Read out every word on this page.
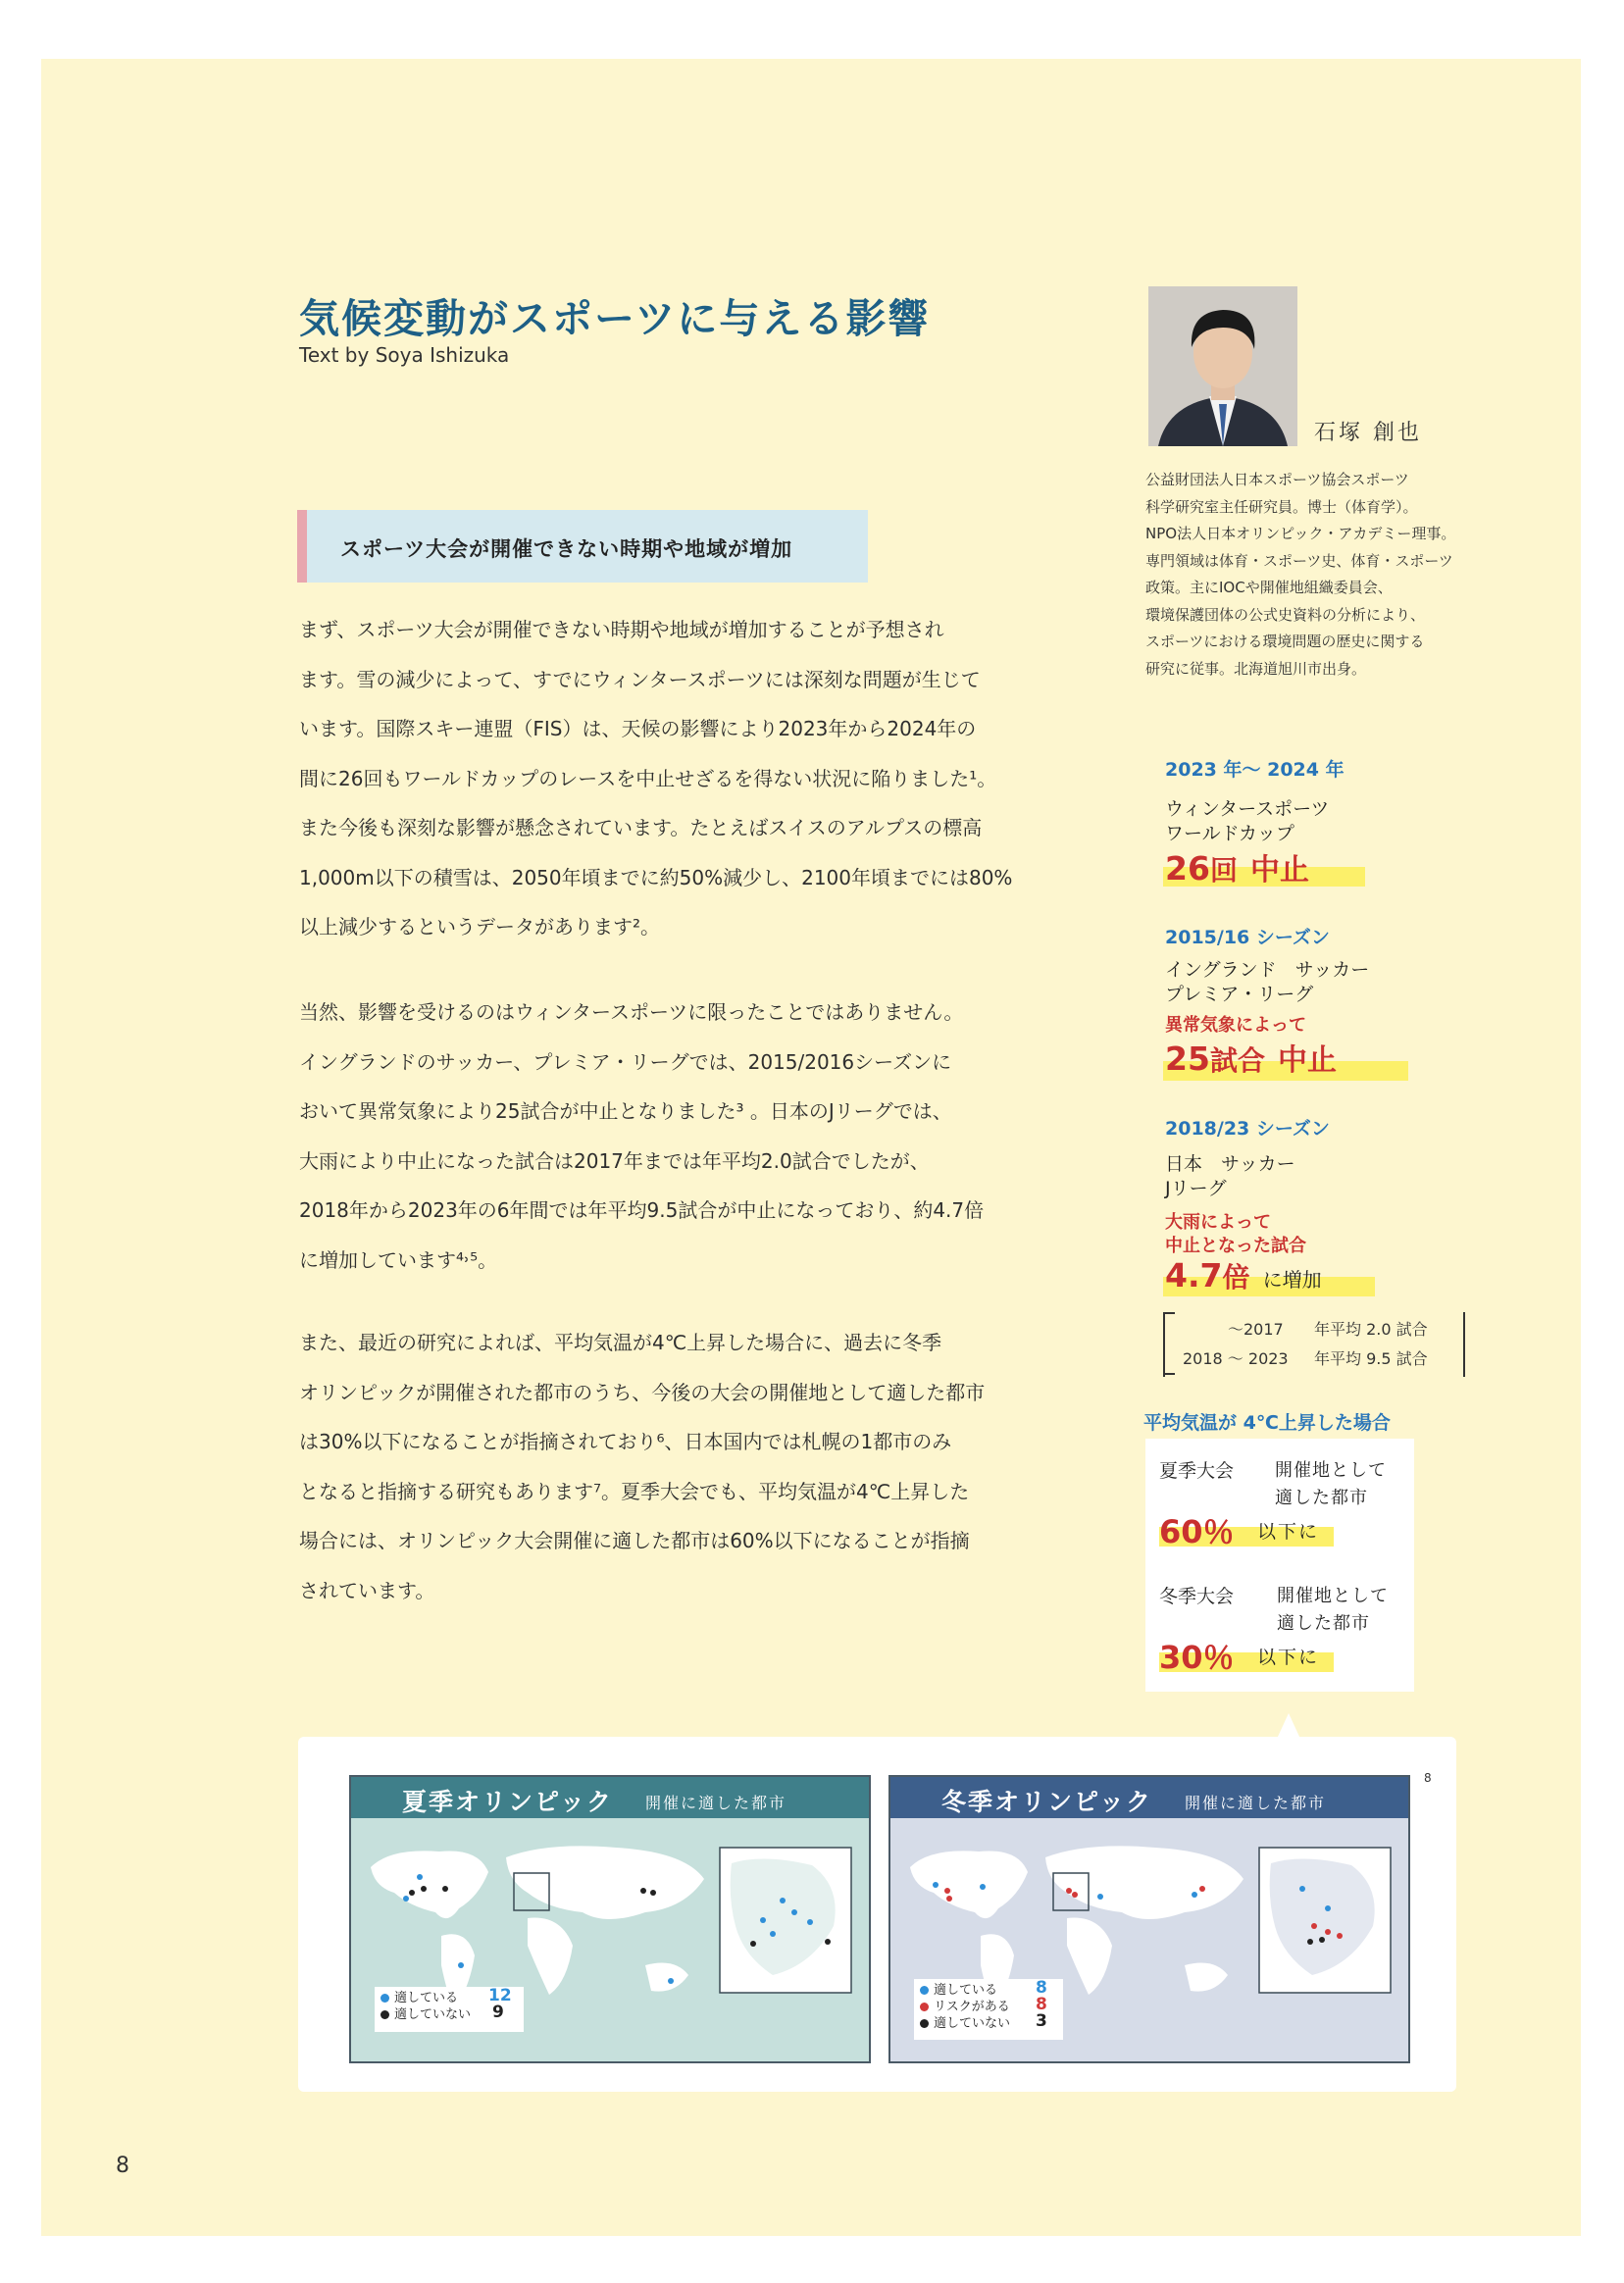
気候変動がスポーツに与える影響
Text by Soya Ishizuka
石塚 創也
公益財団法人日本スポーツ協会スポーツ
科学研究室主任研究員。博士（体育学）。
NPO法人日本オリンピック・アカデミー理事。
専門領域は体育・スポーツ史、体育・スポーツ
政策。主にIOCや開催地組織委員会、
環境保護団体の公式史資料の分析により、
スポーツにおける環境問題の歴史に関する
研究に従事。北海道旭川市出身。
スポーツ大会が開催できない時期や地域が増加
まず、スポーツ大会が開催できない時期や地域が増加することが予想され
ます。雪の減少によって、すでにウィンタースポーツには深刻な問題が生じて
います。国際スキー連盟（FIS）は、天候の影響により2023年から2024年の
間に26回もワールドカップのレースを中止せざるを得ない状況に陥りました¹。
また今後も深刻な影響が懸念されています。たとえばスイスのアルプスの標高
1,000m以下の積雪は、2050年頃までに約50%減少し、2100年頃までには80%
以上減少するというデータがあります²。
当然、影響を受けるのはウィンタースポーツに限ったことではありません。
イングランドのサッカー、プレミア・リーグでは、2015/2016シーズンに
おいて異常気象により25試合が中止となりました³ 。日本のJリーグでは、
大雨により中止になった試合は2017年までは年平均2.0試合でしたが、
2018年から2023年の6年間では年平均9.5試合が中止になっており、約4.7倍
に増加しています⁴˒⁵。
また、最近の研究によれば、平均気温が4℃上昇した場合に、過去に冬季
オリンピックが開催された都市のうち、今後の大会の開催地として適した都市
は30%以下になることが指摘されており⁶、日本国内では札幌の1都市のみ
となると指摘する研究もあります⁷。夏季大会でも、平均気温が4℃上昇した
場合には、オリンピック大会開催に適した都市は60%以下になることが指摘
されています。
2023 年～ 2024 年
ウィンタースポーツ
ワールドカップ
26回 中止
2015/16 シーズン
イングランド　サッカー
プレミア・リーグ
異常気象によって
25試合 中止
2018/23 シーズン
日本　サッカー
Jリーグ
大雨によって
中止となった試合
4.7倍 に増加
～2017 年平均 2.0 試合
2018 ～ 2023 年平均 9.5 試合
平均気温が 4℃上昇した場合
夏季大会 開催地として
適した都市
60％ 以下に
冬季大会 開催地として
適した都市
30％ 以下に
8
夏季オリンピック 開催に適した都市
適している 12
適していない 9
冬季オリンピック 開催に適した都市
適している 8
リスクがある 8
適していない 3
8
